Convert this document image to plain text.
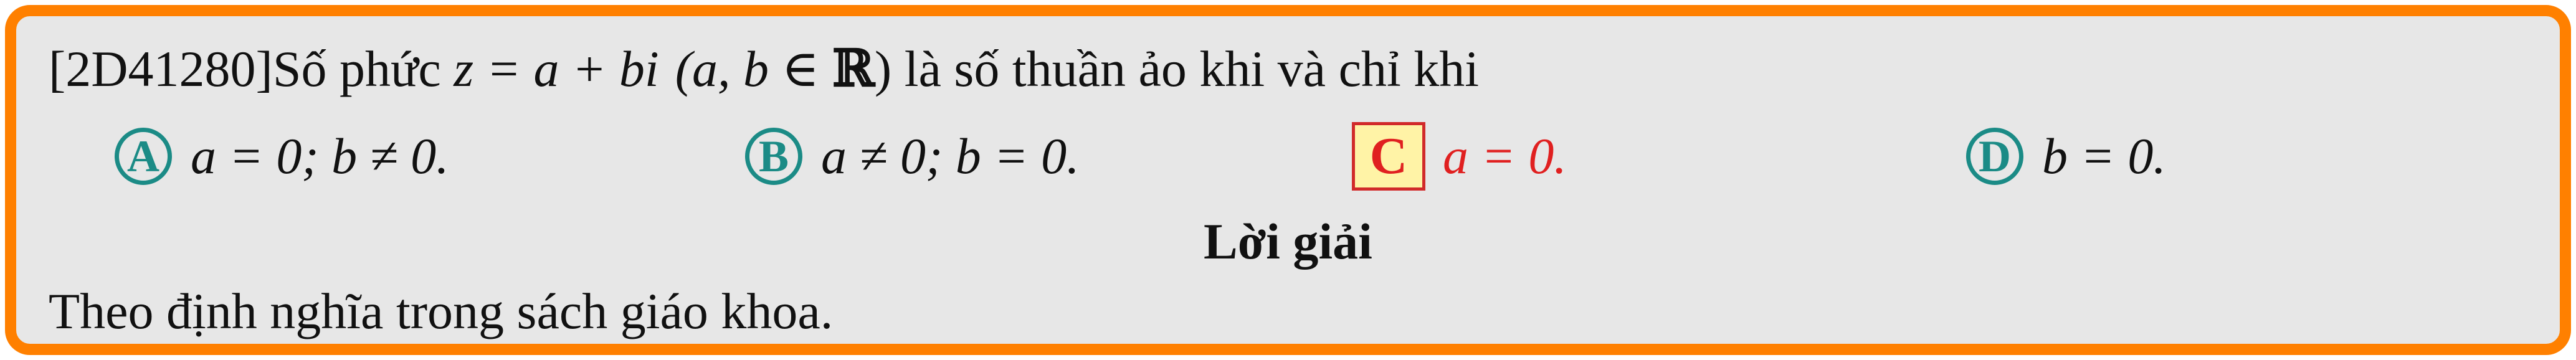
[2D41280]Số phức z = a + bi (a, b ∈ ℝ) là số thuần ảo khi và chỉ khi
A a = 0; b ≠ 0.	B a ≠ 0; b = 0.	C a = 0.	D b = 0.
Lời giải
Theo định nghĩa trong sách giáo khoa.
